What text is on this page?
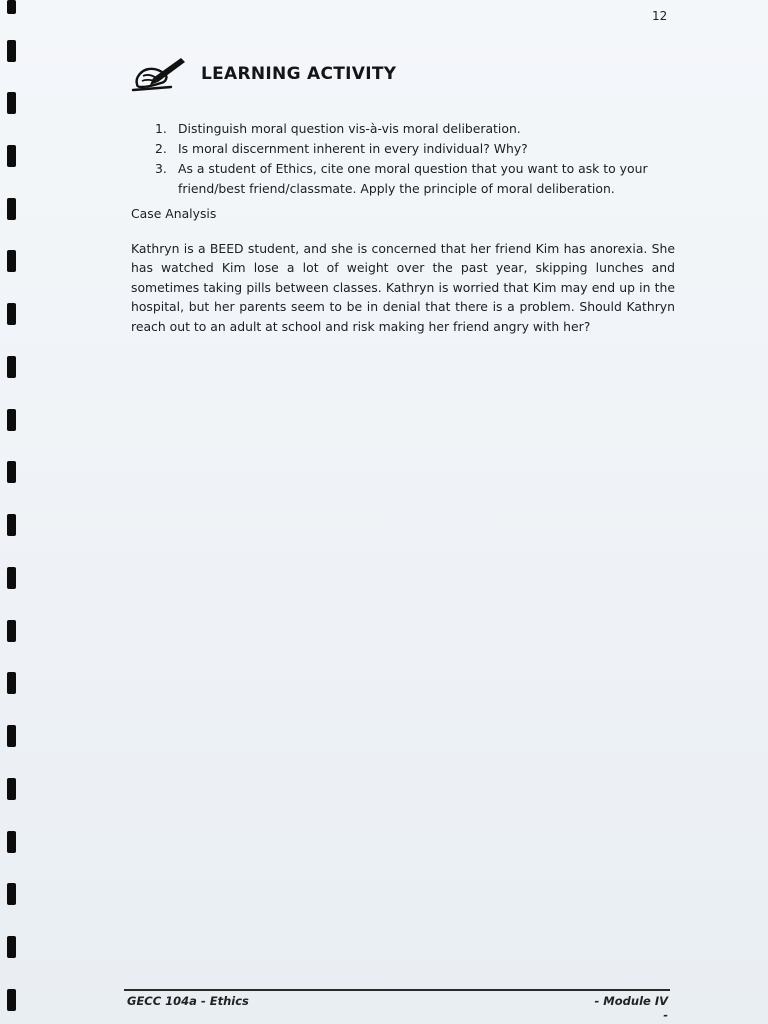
12
LEARNING ACTIVITY
1. Distinguish moral question vis-à-vis moral deliberation.
2. Is moral discernment inherent in every individual? Why?
3. As a student of Ethics, cite one moral question that you want to ask to your friend/best friend/classmate. Apply the principle of moral deliberation.
Case Analysis

Kathryn is a BEED student, and she is concerned that her friend Kim has anorexia. She has watched Kim lose a lot of weight over the past year, skipping lunches and sometimes taking pills between classes. Kathryn is worried that Kim may end up in the hospital, but her parents seem to be in denial that there is a problem. Should Kathryn reach out to an adult at school and risk making her friend angry with her?

GECC 104a - Ethics	- Module IV -
